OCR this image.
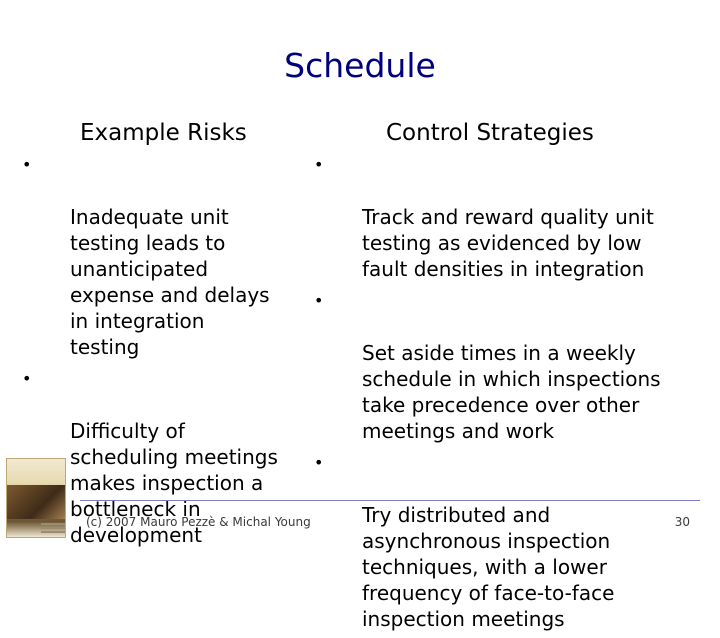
Schedule
Example Risks	Control Strategies

•

Inadequate unit
testing leads to
unanticipated
expense and delays
in integration
testing

•

Difficulty of
scheduling meetings
makes inspection a
bottleneck in
development

•

Track and reward quality unit
testing as evidenced by low
fault densities in integration

•

Set aside times in a weekly
schedule in which inspections
take precedence over other
meetings and work

•

Try distributed and
asynchronous inspection
techniques, with a lower
frequency of face-to-face
inspection meetings

(c) 2007 Mauro Pezzè & Michal Young	30
